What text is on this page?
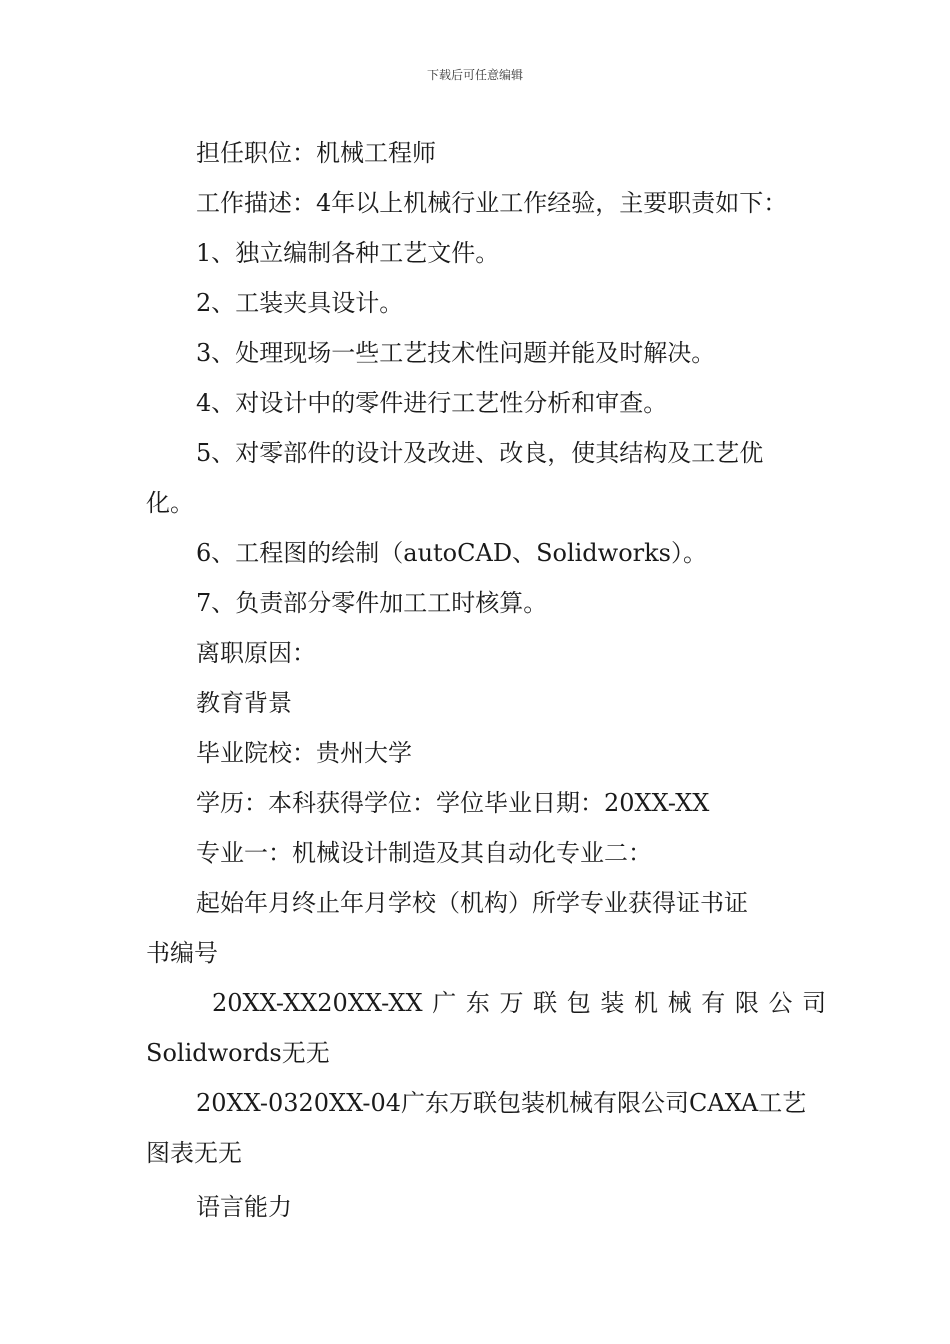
下载后可任意编辑
担任职位：机械工程师
工作描述：4年以上机械行业工作经验，主要职责如下：
1、独立编制各种工艺文件。
2、工装夹具设计。
3、处理现场一些工艺技术性问题并能及时解决。
4、对设计中的零件进行工艺性分析和审查。
5、对零部件的设计及改进、改良，使其结构及工艺优
化。
6、工程图的绘制（autoCAD、Solidworks）。
7、负责部分零件加工工时核算。
离职原因：
教育背景
毕业院校：贵州大学
学历：本科获得学位：学位毕业日期：20XX-XX
专业一：机械设计制造及其自动化专业二：
起始年月终止年月学校（机构）所学专业获得证书证
书编号
20XX-XX20XX-XX 广 东 万 联 包 装 机 械 有 限 公 司
Solidwords无无
20XX-0320XX-04广东万联包装机械有限公司CAXA工艺
图表无无
语言能力
